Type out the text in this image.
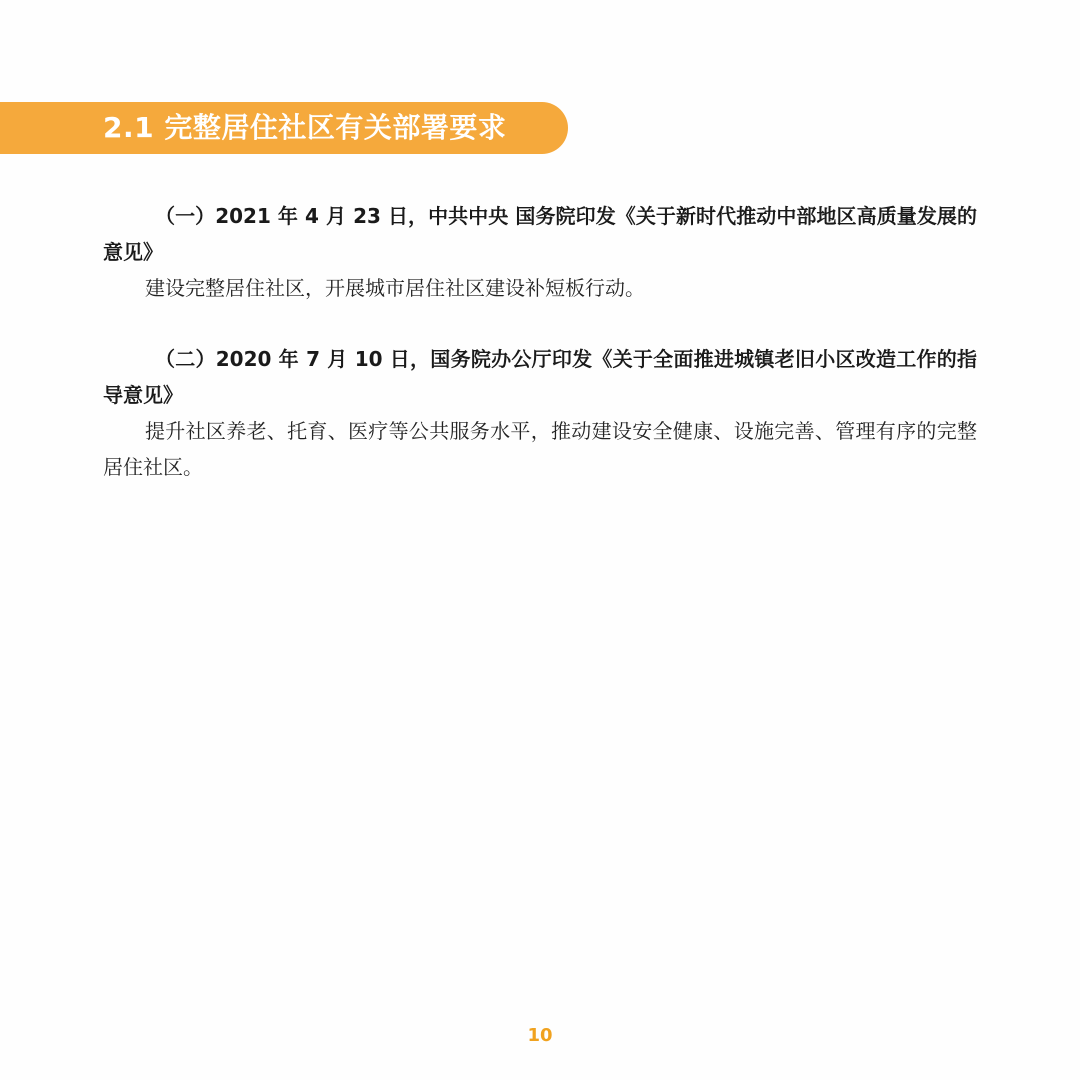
2.1 完整居住社区有关部署要求

（一）2021 年 4 月 23 日，中共中央 国务院印发《关于新时代推动中部地区高质量发展的意见》

建设完整居住社区，开展城市居住社区建设补短板行动。

（二）2020 年 7 月 10 日，国务院办公厅印发《关于全面推进城镇老旧小区改造工作的指导意见》

提升社区养老、托育、医疗等公共服务水平，推动建设安全健康、设施完善、管理有序的完整居住社区。

10
